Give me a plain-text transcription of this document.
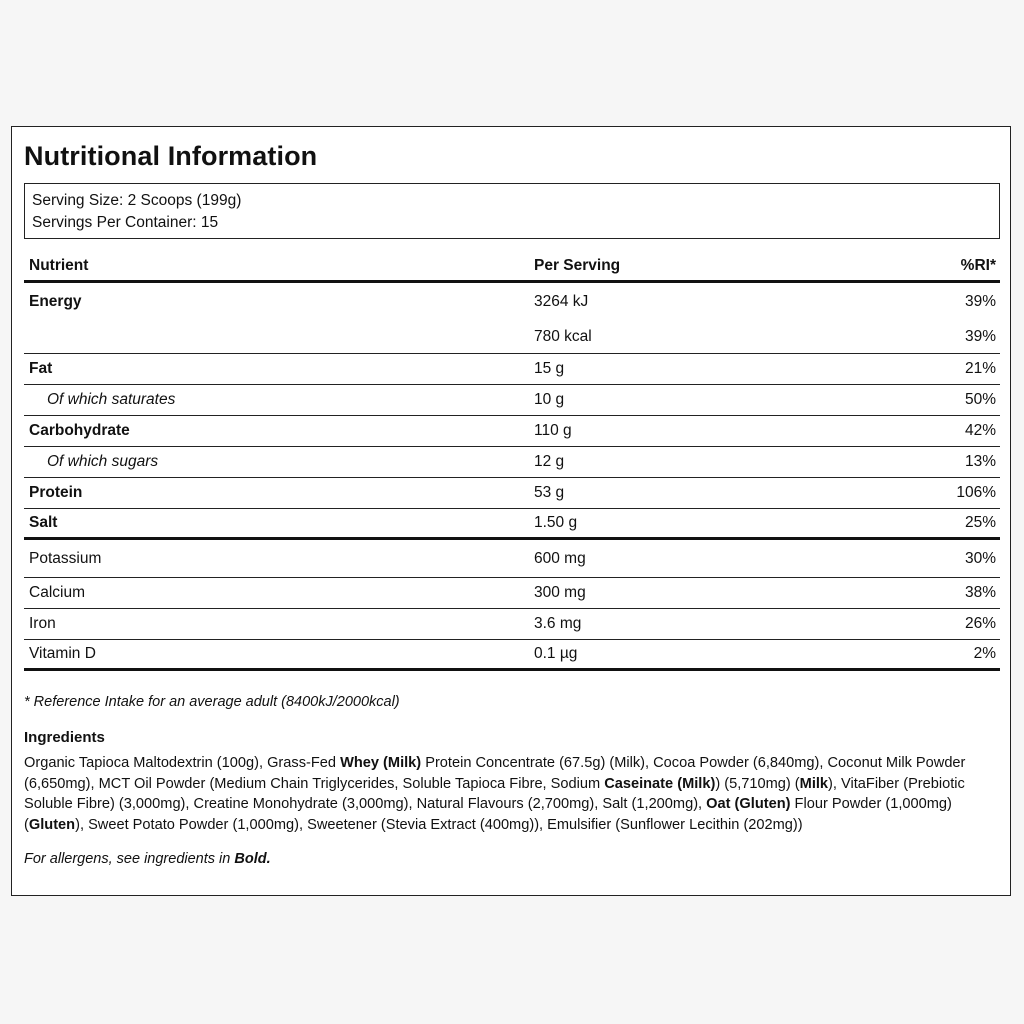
Nutritional Information
Serving Size: 2 Scoops (199g)
Servings Per Container: 15
Nutrient	Per Serving	%RI*
Energy	3264 kJ	39%
780 kcal	39%
Fat	15 g	21%
Of which saturates	10 g	50%
Carbohydrate	110 g	42%
Of which sugars	12 g	13%
Protein	53 g	106%
Salt	1.50 g	25%
Potassium	600 mg	30%
Calcium	300 mg	38%
Iron	3.6 mg	26%
Vitamin D	0.1 µg	2%
* Reference Intake for an average adult (8400kJ/2000kcal)
Ingredients
Organic Tapioca Maltodextrin (100g), Grass-Fed Whey (Milk) Protein Concentrate (67.5g) (Milk), Cocoa Powder (6,840mg), Coconut Milk Powder (6,650mg), MCT Oil Powder (Medium Chain Triglycerides, Soluble Tapioca Fibre, Sodium Caseinate (Milk)) (5,710mg) (Milk), VitaFiber (Prebiotic Soluble Fibre) (3,000mg), Creatine Monohydrate (3,000mg), Natural Flavours (2,700mg), Salt (1,200mg), Oat (Gluten) Flour Powder (1,000mg) (Gluten), Sweet Potato Powder (1,000mg), Sweetener (Stevia Extract (400mg)), Emulsifier (Sunflower Lecithin (202mg))
For allergens, see ingredients in Bold.
